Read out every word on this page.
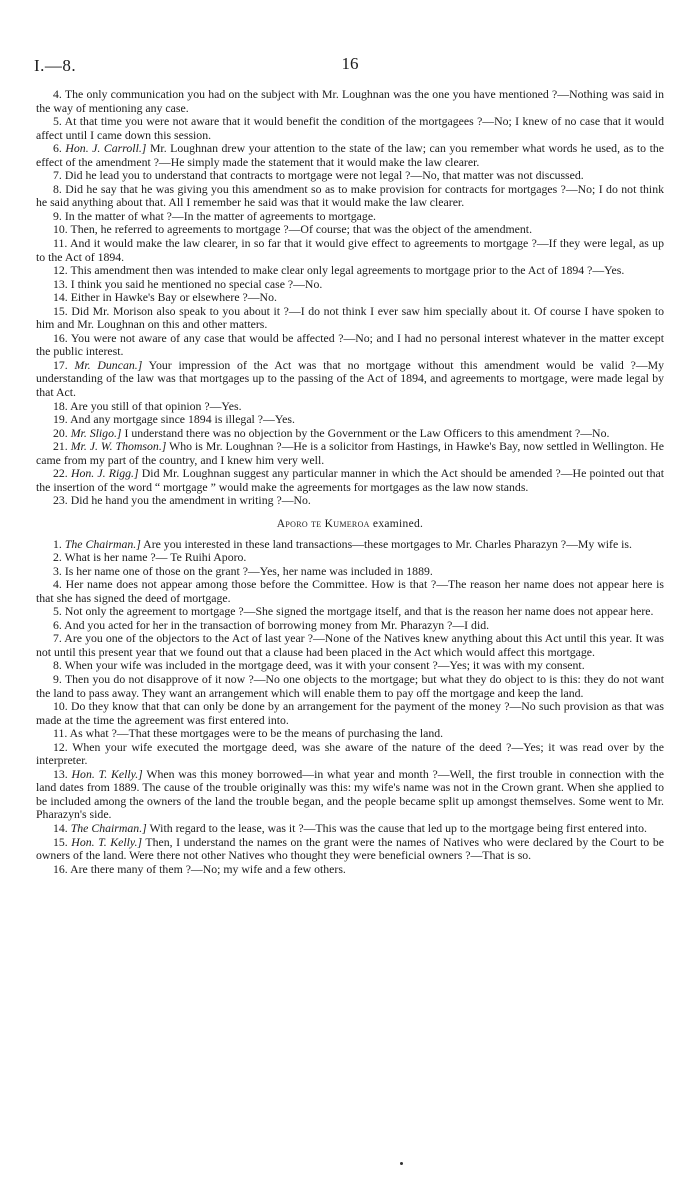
I.—8.	16

4. The only communication you had on the subject with Mr. Loughnan was the one you have mentioned ?—Nothing was said in the way of mentioning any case.

5. At that time you were not aware that it would benefit the condition of the mortgagees ?—No; I knew of no case that it would affect until I came down this session.

6. Hon. J. Carroll.] Mr. Loughnan drew your attention to the state of the law; can you remember what words he used, as to the effect of the amendment ?—He simply made the statement that it would make the law clearer.

7. Did he lead you to understand that contracts to mortgage were not legal ?—No, that matter was not discussed.

8. Did he say that he was giving you this amendment so as to make provision for contracts for mortgages ?—No; I do not think he said anything about that. All I remember he said was that it would make the law clearer.

9. In the matter of what ?—In the matter of agreements to mortgage.

10. Then, he referred to agreements to mortgage ?—Of course; that was the object of the amendment.

11. And it would make the law clearer, in so far that it would give effect to agreements to mortgage ?—If they were legal, as up to the Act of 1894.

12. This amendment then was intended to make clear only legal agreements to mortgage prior to the Act of 1894 ?—Yes.

13. I think you said he mentioned no special case ?—No.

14. Either in Hawke's Bay or elsewhere ?—No.

15. Did Mr. Morison also speak to you about it ?—I do not think I ever saw him specially about it. Of course I have spoken to him and Mr. Loughnan on this and other matters.

16. You were not aware of any case that would be affected ?—No; and I had no personal interest whatever in the matter except the public interest.

17. Mr. Duncan.] Your impression of the Act was that no mortgage without this amendment would be valid ?—My understanding of the law was that mortgages up to the passing of the Act of 1894, and agreements to mortgage, were made legal by that Act.

18. Are you still of that opinion ?—Yes.

19. And any mortgage since 1894 is illegal ?—Yes.

20. Mr. Sligo.] I understand there was no objection by the Government or the Law Officers to this amendment ?—No.

21. Mr. J. W. Thomson.] Who is Mr. Loughnan ?—He is a solicitor from Hastings, in Hawke's Bay, now settled in Wellington. He came from my part of the country, and I knew him very well.

22. Hon. J. Rigg.] Did Mr. Loughnan suggest any particular manner in which the Act should be amended ?—He pointed out that the insertion of the word “ mortgage ” would make the agreements for mortgages as the law now stands.

23. Did he hand you the amendment in writing ?—No.

Aporo te Kumeroa examined.

1. The Chairman.] Are you interested in these land transactions—these mortgages to Mr. Charles Pharazyn ?—My wife is.

2. What is her name ?— Te Ruihi Aporo.

3. Is her name one of those on the grant ?—Yes, her name was included in 1889.

4. Her name does not appear among those before the Committee. How is that ?—The reason her name does not appear here is that she has signed the deed of mortgage.

5. Not only the agreement to mortgage ?—She signed the mortgage itself, and that is the reason her name does not appear here.

6. And you acted for her in the transaction of borrowing money from Mr. Pharazyn ?—I did.

7. Are you one of the objectors to the Act of last year ?—None of the Natives knew anything about this Act until this year. It was not until this present year that we found out that a clause had been placed in the Act which would affect this mortgage.

8. When your wife was included in the mortgage deed, was it with your consent ?—Yes; it was with my consent.

9. Then you do not disapprove of it now ?—No one objects to the mortgage; but what they do object to is this: they do not want the land to pass away. They want an arrangement which will enable them to pay off the mortgage and keep the land.

10. Do they know that that can only be done by an arrangement for the payment of the money ?—No such provision as that was made at the time the agreement was first entered into.

11. As what ?—That these mortgages were to be the means of purchasing the land.

12. When your wife executed the mortgage deed, was she aware of the nature of the deed ?—Yes; it was read over by the interpreter.

13. Hon. T. Kelly.] When was this money borrowed—in what year and month ?—Well, the first trouble in connection with the land dates from 1889. The cause of the trouble originally was this: my wife's name was not in the Crown grant. When she applied to be included among the owners of the land the trouble began, and the people became split up amongst themselves. Some went to Mr. Pharazyn's side.

14. The Chairman.] With regard to the lease, was it ?—This was the cause that led up to the mortgage being first entered into.

15. Hon. T. Kelly.] Then, I understand the names on the grant were the names of Natives who were declared by the Court to be owners of the land. Were there not other Natives who thought they were beneficial owners ?—That is so.

16. Are there many of them ?—No; my wife and a few others.
